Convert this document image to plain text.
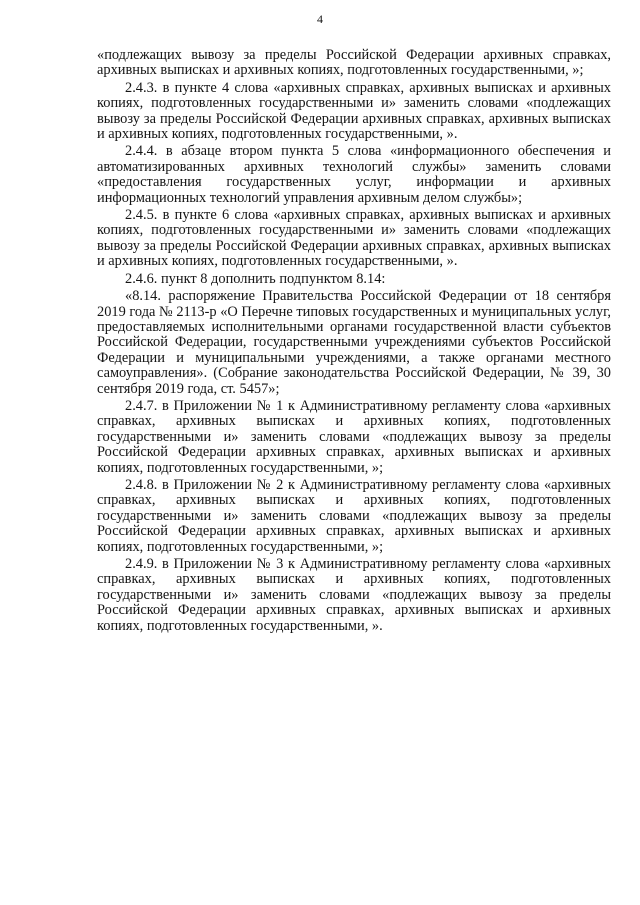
4

«подлежащих вывозу за пределы Российской Федерации архивных справках, архивных выписках и архивных копиях, подготовленных государственными, »;

2.4.3. в пункте 4 слова «архивных справках, архивных выписках и архивных копиях, подготовленных государственными и» заменить словами «подлежащих вывозу за пределы Российской Федерации архивных справках, архивных выписках и архивных копиях, подготовленных государственными, ».

2.4.4. в абзаце втором пункта 5 слова «информационного обеспечения и автоматизированных архивных технологий службы» заменить словами «предоставления государственных услуг, информации и архивных информационных технологий управления архивным делом службы»;

2.4.5. в пункте 6 слова «архивных справках, архивных выписках и архивных копиях, подготовленных государственными и» заменить словами «подлежащих вывозу за пределы Российской Федерации архивных справках, архивных выписках и архивных копиях, подготовленных государственными, ».

2.4.6. пункт 8 дополнить подпунктом 8.14:

«8.14. распоряжение Правительства Российской Федерации от 18 сентября 2019 года № 2113-р «О Перечне типовых государственных и муниципальных услуг, предоставляемых исполнительными органами государственной власти субъектов Российской Федерации, государственными учреждениями субъектов Российской Федерации и муниципальными учреждениями, а также органами местного самоуправления». (Собрание законодательства Российской Федерации, № 39, 30 сентября 2019 года, ст. 5457»;

2.4.7. в Приложении № 1 к Административному регламенту слова «архивных справках, архивных выписках и архивных копиях, подготовленных государственными и» заменить словами «подлежащих вывозу за пределы Российской Федерации архивных справках, архивных выписках и архивных копиях, подготовленных государственными, »;

2.4.8. в Приложении № 2 к Административному регламенту слова «архивных справках, архивных выписках и архивных копиях, подготовленных государственными и» заменить словами «подлежащих вывозу за пределы Российской Федерации архивных справках, архивных выписках и архивных копиях, подготовленных государственными, »;

2.4.9. в Приложении № 3 к Административному регламенту слова «архивных справках, архивных выписках и архивных копиях, подготовленных государственными и» заменить словами «подлежащих вывозу за пределы Российской Федерации архивных справках, архивных выписках и архивных копиях, подготовленных государственными, ».
